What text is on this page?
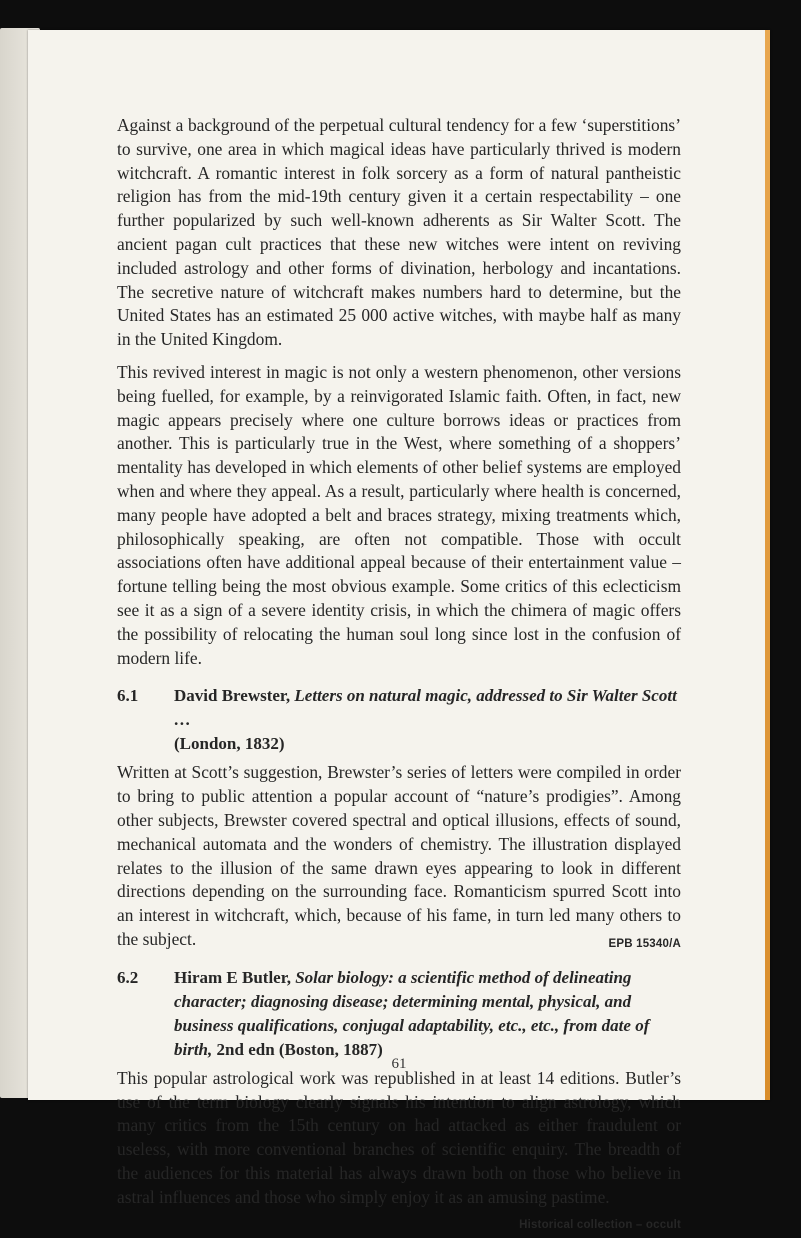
Against a background of the perpetual cultural tendency for a few ‘superstitions’ to survive, one area in which magical ideas have particularly thrived is modern witchcraft. A romantic interest in folk sorcery as a form of natural pantheistic religion has from the mid-19th century given it a certain respectability – one further popularized by such well-known adherents as Sir Walter Scott. The ancient pagan cult practices that these new witches were intent on reviving included astrology and other forms of divination, herbology and incantations. The secretive nature of witchcraft makes numbers hard to determine, but the United States has an estimated 25 000 active witches, with maybe half as many in the United Kingdom.

This revived interest in magic is not only a western phenomenon, other versions being fuelled, for example, by a reinvigorated Islamic faith. Often, in fact, new magic appears precisely where one culture borrows ideas or practices from another. This is particularly true in the West, where something of a shoppers’ mentality has developed in which elements of other belief systems are employed when and where they appeal. As a result, particularly where health is concerned, many people have adopted a belt and braces strategy, mixing treatments which, philosophically speaking, are often not compatible. Those with occult associations often have additional appeal because of their entertainment value – fortune telling being the most obvious example. Some critics of this eclecticism see it as a sign of a severe identity crisis, in which the chimera of magic offers the possibility of relocating the human soul long since lost in the confusion of modern life.

6.1 David Brewster, Letters on natural magic, addressed to Sir Walter Scott …
(London, 1832)
Written at Scott’s suggestion, Brewster’s series of letters were compiled in order to bring to public attention a popular account of “nature’s prodigies”. Among other subjects, Brewster covered spectral and optical illusions, effects of sound, mechanical automata and the wonders of chemistry. The illustration displayed relates to the illusion of the same drawn eyes appearing to look in different directions depending on the surrounding face. Romanticism spurred Scott into an interest in witchcraft, which, because of his fame, in turn led many others to the subject.	EPB 15340/A
6.2 Hiram E Butler, Solar biology: a scientific method of delineating character; diagnosing disease; determining mental, physical, and business qualifications, conjugal adaptability, etc., etc., from date of birth, 2nd edn (Boston, 1887)
This popular astrological work was republished in at least 14 editions. Butler’s use of the term biology clearly signals his intention to align astrology, which many critics from the 15th century on had attacked as either fraudulent or useless, with more conventional branches of scientific enquiry. The breadth of the audiences for this material has always drawn both on those who believe in astral influences and those who simply enjoy it as an amusing pastime.
Historical collection – occult
61
